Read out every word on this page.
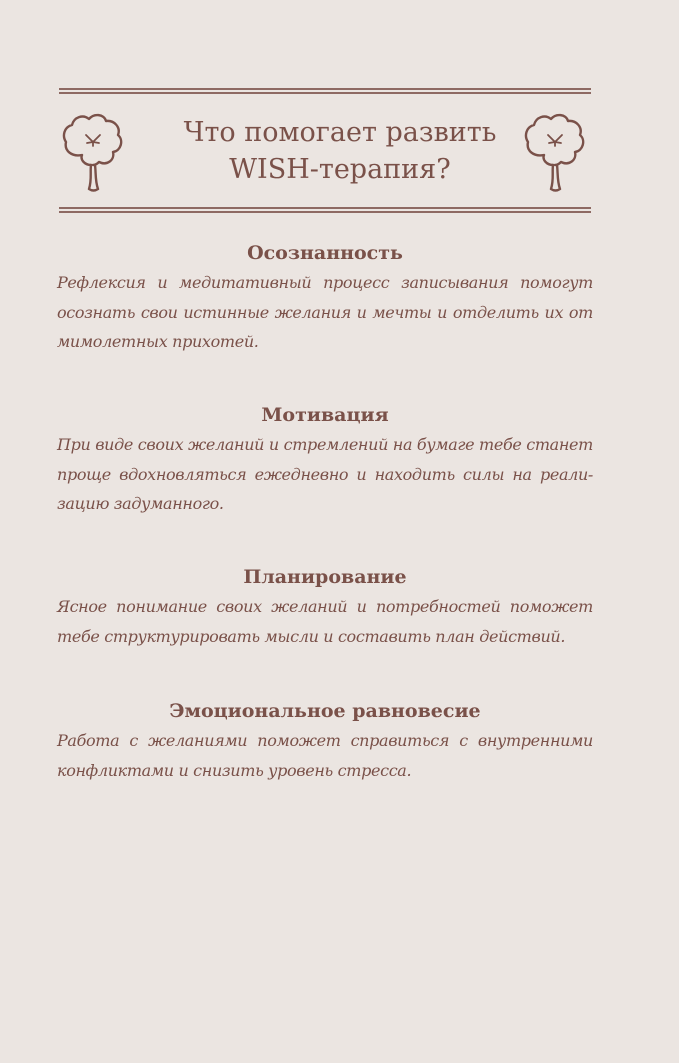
Что помогает развить
WISH-терапия?
Осознанность

Рефлексия и медитативный процесс записывания помогут
осознать свои истинные желания и мечты и отделить их от
мимолетных прихотей.

Мотивация

При виде своих желаний и стремлений на бумаге тебе станет
проще вдохновляться ежедневно и находить силы на реали-
зацию задуманного.

Планирование

Ясное понимание своих желаний и потребностей поможет
тебе структурировать мысли и составить план действий.

Эмоциональное равновесие

Работа с желаниями поможет справиться с внутренними
конфликтами и снизить уровень стресса.
